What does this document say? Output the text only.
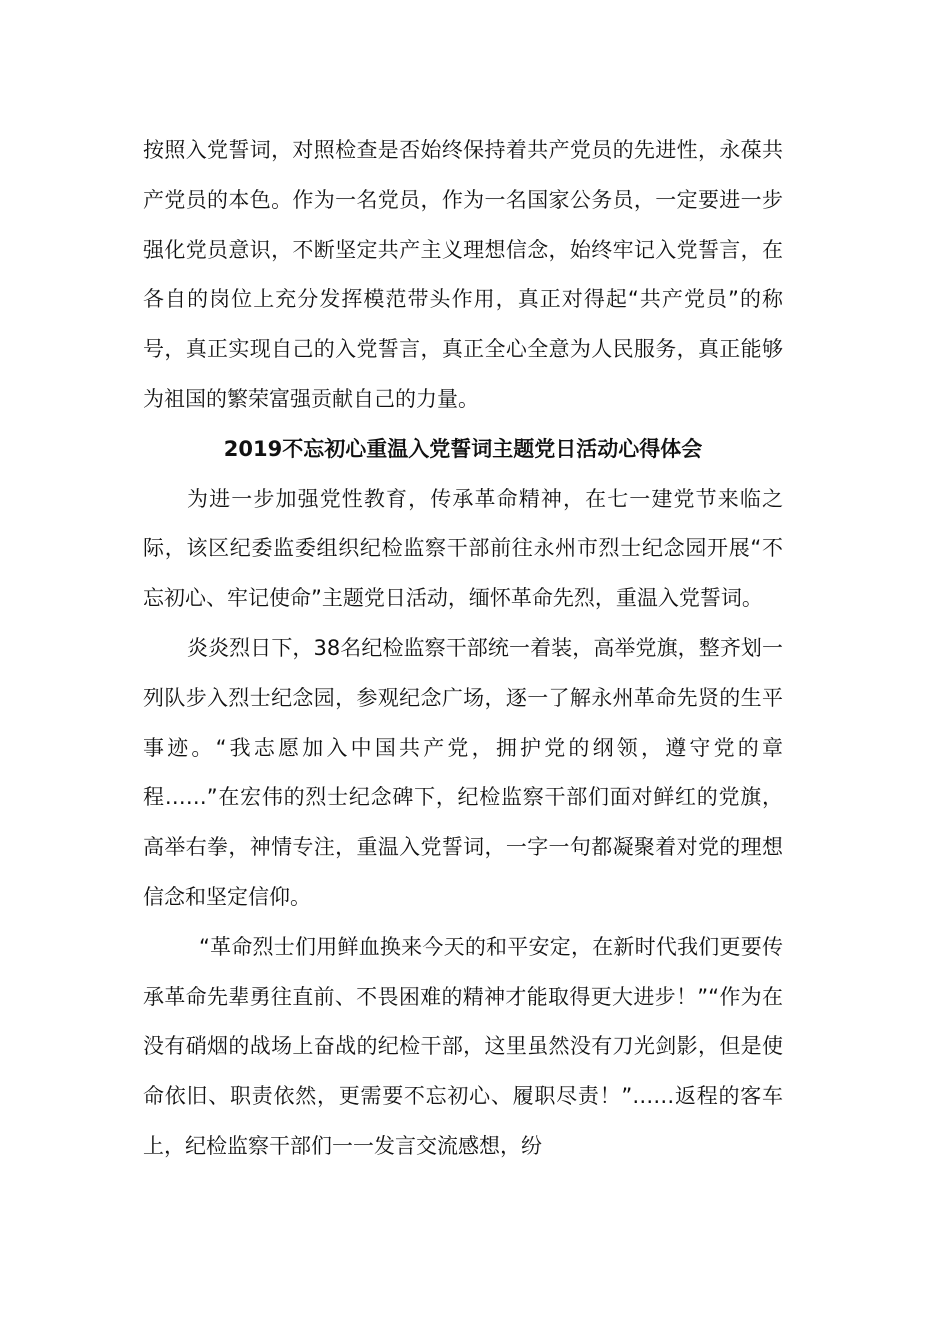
按照入党誓词，对照检查是否始终保持着共产党员的先进性，永葆共产党员的本色。作为一名党员，作为一名国家公务员，一定要进一步强化党员意识，不断坚定共产主义理想信念，始终牢记入党誓言，在各自的岗位上充分发挥模范带头作用，真正对得起“共产党员”的称号，真正实现自己的入党誓言，真正全心全意为人民服务，真正能够为祖国的繁荣富强贡献自己的力量。

2019不忘初心重温入党誓词主题党日活动心得体会

为进一步加强党性教育，传承革命精神，在七一建党节来临之际，该区纪委监委组织纪检监察干部前往永州市烈士纪念园开展“不忘初心、牢记使命”主题党日活动，缅怀革命先烈，重温入党誓词。

炎炎烈日下，38名纪检监察干部统一着装，高举党旗，整齐划一列队步入烈士纪念园，参观纪念广场，逐一了解永州革命先贤的生平事迹。“我志愿加入中国共产党，拥护党的纲领，遵守党的章程……”在宏伟的烈士纪念碑下，纪检监察干部们面对鲜红的党旗，高举右拳，神情专注，重温入党誓词，一字一句都凝聚着对党的理想信念和坚定信仰。

“革命烈士们用鲜血换来今天的和平安定，在新时代我们更要传承革命先辈勇往直前、不畏困难的精神才能取得更大进步！”“作为在没有硝烟的战场上奋战的纪检干部，这里虽然没有刀光剑影，但是使命依旧、职责依然，更需要不忘初心、履职尽责！”……返程的客车上，纪检监察干部们一一发言交流感想，纷
